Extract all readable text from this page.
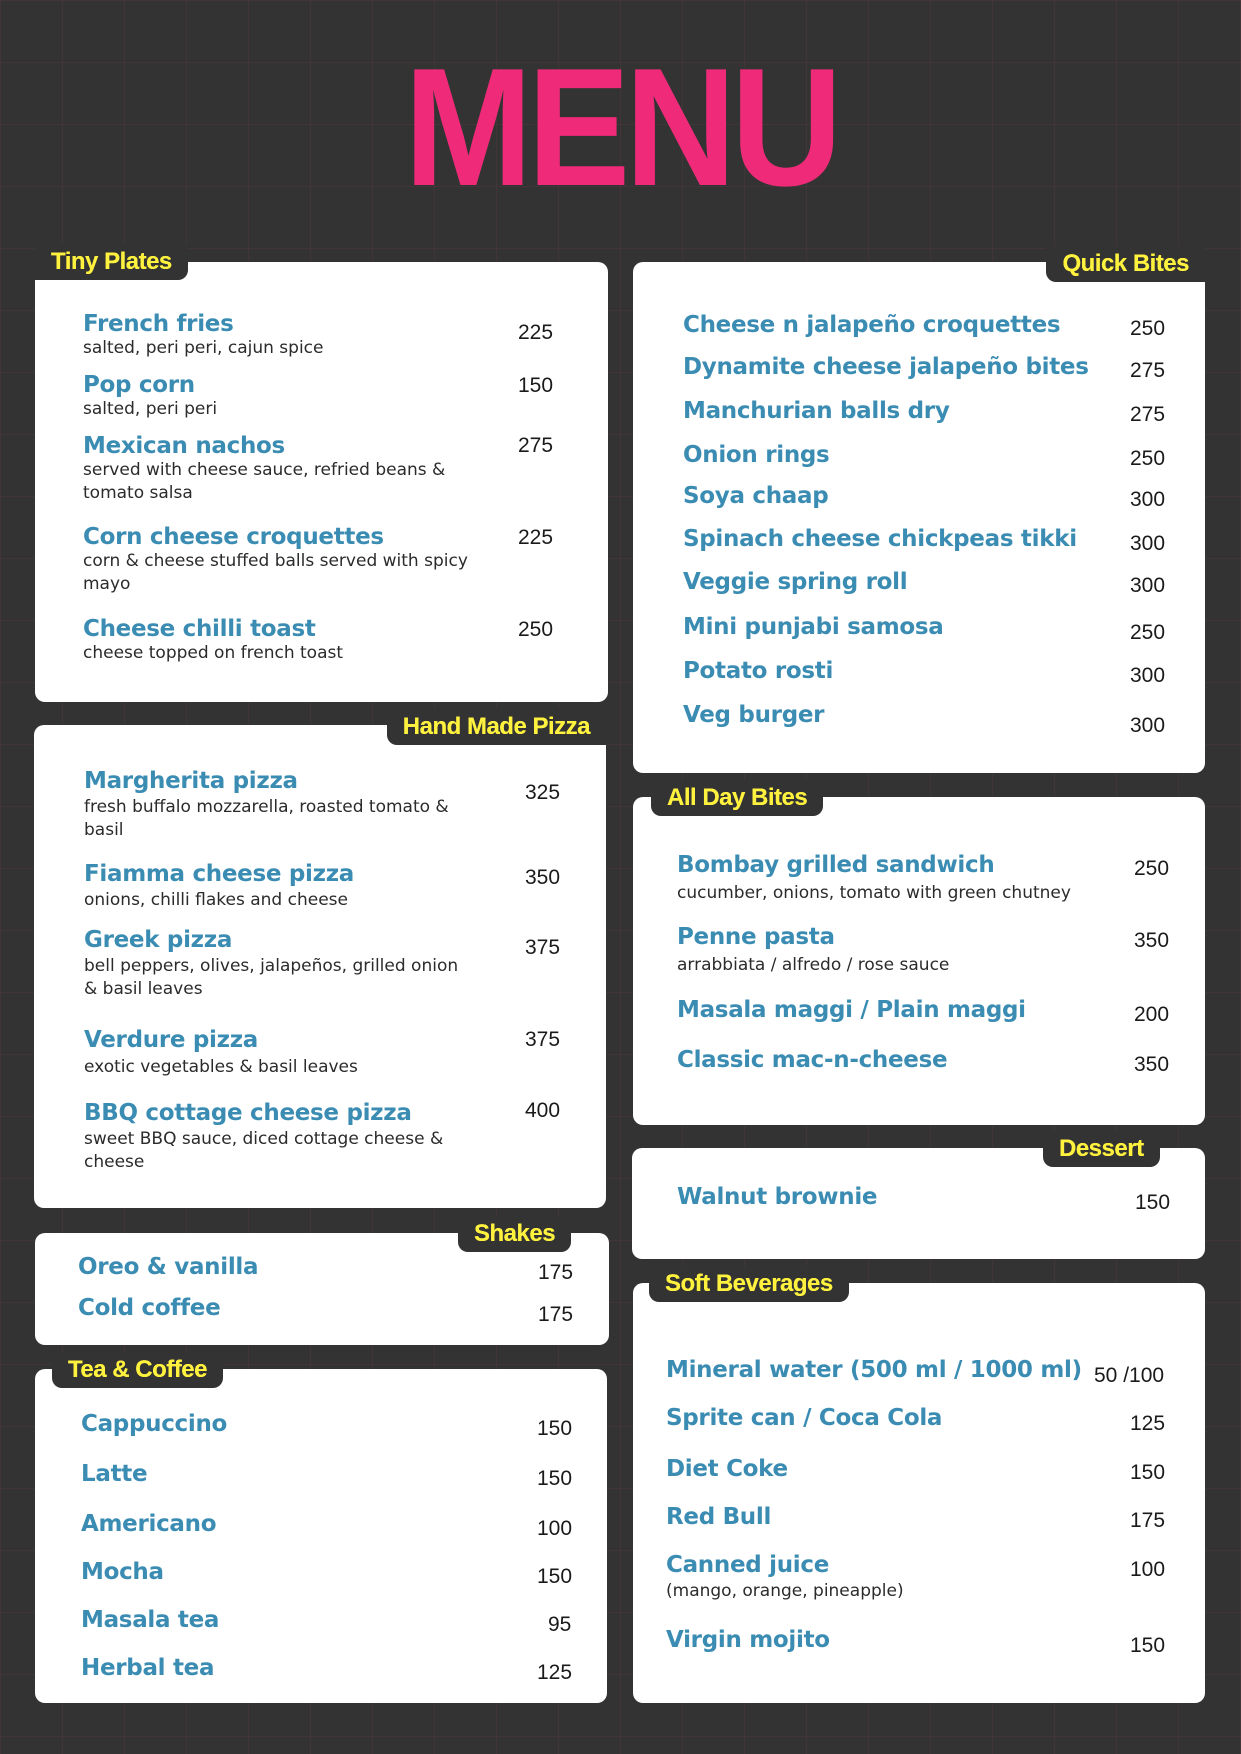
MENU
Tiny Plates
French fries
salted, peri peri, cajun spice
225
Pop corn
salted, peri peri
150
Mexican nachos
served with cheese sauce, refried beans & tomato salsa
275
Corn cheese croquettes
corn & cheese stuffed balls served with spicy mayo
225
Cheese chilli toast
cheese topped on french toast
250
Quick Bites
Cheese n jalapeño croquettes	250
Dynamite cheese jalapeño bites 275
Manchurian balls dry	275
Onion rings	250
Soya chaap	300
Spinach cheese chickpeas tikki	300
Veggie spring roll	300
Mini punjabi samosa	250
Potato rosti	300
Veg burger	300
Hand Made Pizza
Margherita pizza
fresh buffalo mozzarella, roasted tomato & basil
325
Fiamma cheese pizza
onions, chilli flakes and cheese
350
Greek pizza
bell peppers, olives, jalapeños, grilled onion & basil leaves
375
Verdure pizza
exotic vegetables & basil leaves
375
BBQ cottage cheese pizza
sweet BBQ sauce, diced cottage cheese & cheese
400
All Day Bites
Bombay grilled sandwich
cucumber, onions, tomato with green chutney
250
Penne pasta
arrabbiata / alfredo / rose sauce
350
Masala maggi / Plain maggi	200
Classic mac-n-cheese	350
Dessert
Walnut brownie	150
Shakes
Oreo & vanilla	175
Cold coffee	175
Soft Beverages
Mineral water (500 ml / 1000 ml) 50 /100
Sprite can / Coca Cola	125
Diet Coke	150
Red Bull	175
Canned juice
(mango, orange, pineapple)
100
Virgin mojito	150
Tea & Coffee
Cappuccino	150
Latte	150
Americano	100
Mocha	150
Masala tea	95
Herbal tea	125
